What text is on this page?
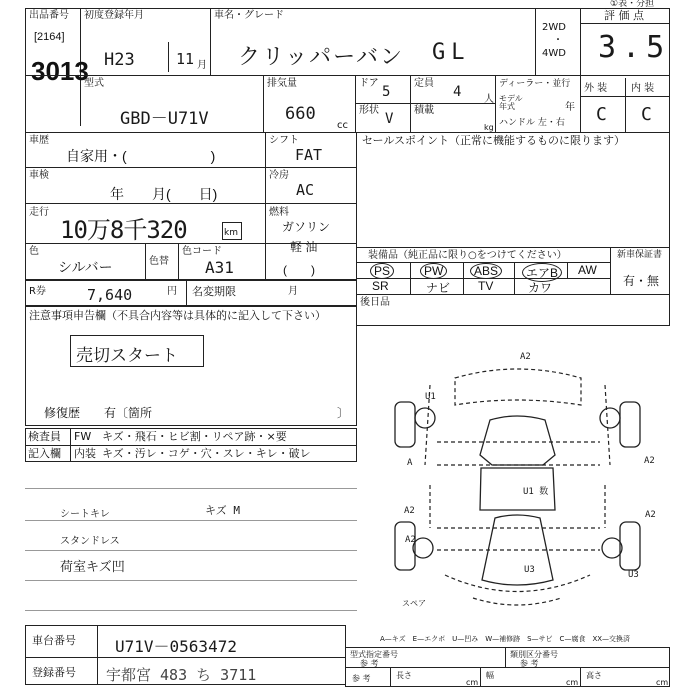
出品番号
[2164]
3013
初度登録年月
H23	11 月
車名・グレード
クリッパーバン GL
2WD
・
4WD
評 価 点
3.5
①表・分担
型式
GBD－U71V
排気量
660
cc
ドア
5
定員
4 人
形状
V
積載
kg
ディーラー・並行
モデル年式	年
ハンドル 左・右
外 装 内 装
C C
車歴
自家用・(　　　　　　)
シフト
FAT
車検
年　　月(　　日)
冷房
AC
走行
10万8千320	km
燃料
ガソリン
軽 油
色
シルバー	色替
色コード
A31	(　　)
R券	7,640	円 名変期限	月
セールスポイント（正常に機能するものに限ります）
装備品（純正品に限り○をつけてください）	新車保証書
有・無
PS	PW	ABS	エアB	AW
SR	ナビ TV	カワ
後日品
注意事項申告欄（不具合内容等は具体的に記入して下さい）
売切スタート
修復歴　　有〔箇所	〕
検査員
記入欄
FW キズ・飛石・ヒビ割・リペア跡・×要
内装 キズ・汚レ・コゲ・穴・スレ・キレ・破レ
シートキレ	キズ M
スタンドレス
荷室キズ凹
A2
U1
A	A2
A2
U1 数
A2
U3	U3
スペア
A2
A—キズ　E—エクボ　U—凹み　W—補修跡　S—サビ　C—腐食　XX—交換済
車台番号 U71V－0563472
登録番号 宇都宮 483 ち 3711
型式指定番号
参 考
類別区分番号
参 考
参 考	長さ
cm
幅
cm
高さ
cm
